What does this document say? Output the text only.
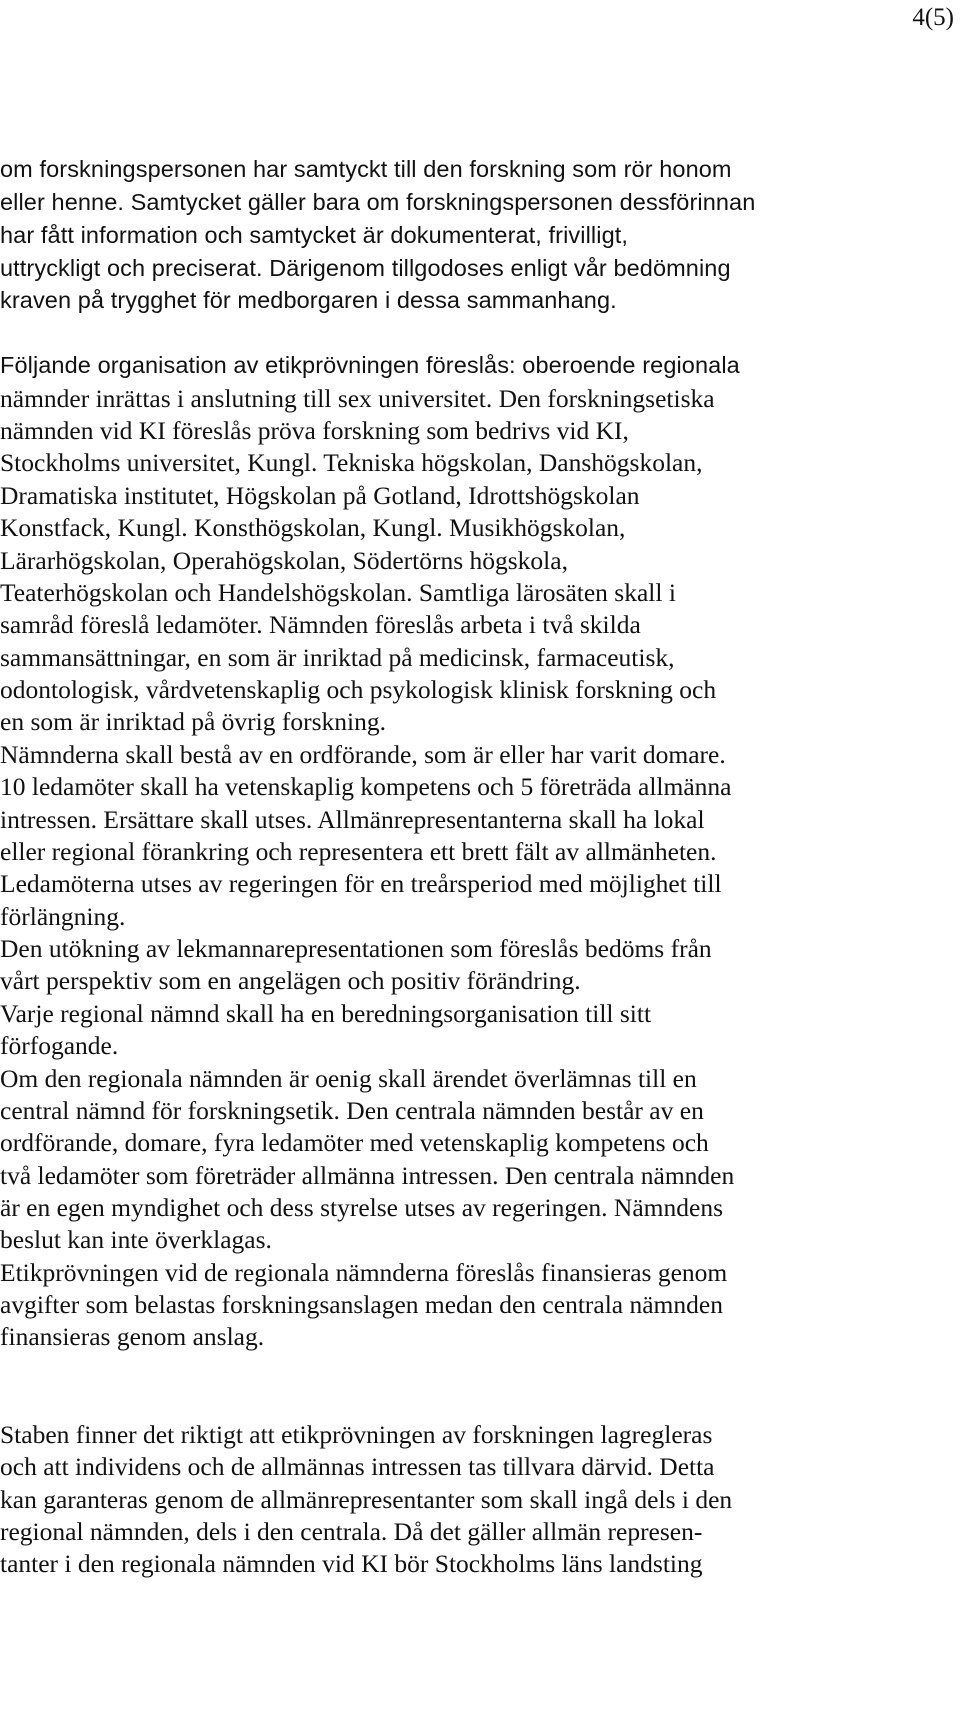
4(5)
om forskningspersonen har samtyckt till den forskning som rör honom
eller henne. Samtycket gäller bara om forskningspersonen dessförinnan
har fått information och samtycket är dokumenterat, frivilligt,
uttryckligt och preciserat. Därigenom tillgodoses enligt vår bedömning
kraven på trygghet för medborgaren i dessa sammanhang.
Följande organisation av etikprövningen föreslås: oberoende regionala
nämnder inrättas i anslutning till sex universitet. Den forskningsetiska
nämnden vid KI föreslås pröva forskning som bedrivs vid KI,
Stockholms universitet, Kungl. Tekniska högskolan, Danshögskolan,
Dramatiska institutet, Högskolan på Gotland, Idrottshögskolan
Konstfack, Kungl. Konsthögskolan, Kungl. Musikhögskolan,
Lärarhögskolan, Operahögskolan, Södertörns högskola,
Teaterhögskolan och Handelshögskolan. Samtliga lärosäten skall i
samråd föreslå ledamöter. Nämnden föreslås arbeta i två skilda
sammansättningar, en som är inriktad på medicinsk, farmaceutisk,
odontologisk, vårdvetenskaplig och psykologisk klinisk forskning och
en som är inriktad på övrig forskning.
Nämnderna skall bestå av en ordförande, som är eller har varit domare.
10 ledamöter skall ha vetenskaplig kompetens och 5 företräda allmänna
intressen. Ersättare skall utses. Allmänrepresentanterna skall ha lokal
eller regional förankring och representera ett brett fält av allmänheten.
Ledamöterna utses av regeringen för en treårsperiod med möjlighet till
förlängning.
Den utökning av lekmannarepresentationen som föreslås bedöms från
vårt perspektiv som en angelägen och positiv förändring.
Varje regional nämnd skall ha en beredningsorganisation till sitt
förfogande.
Om den regionala nämnden är oenig skall ärendet överlämnas till en
central nämnd för forskningsetik. Den centrala nämnden består av en
ordförande, domare, fyra ledamöter med vetenskaplig kompetens och
två ledamöter som företräder allmänna intressen. Den centrala nämnden
är en egen myndighet och dess styrelse utses av regeringen. Nämndens
beslut kan inte överklagas.
Etikprövningen vid de regionala nämnderna föreslås finansieras genom
avgifter som belastas forskningsanslagen medan den centrala nämnden
finansieras genom anslag.
Staben finner det riktigt att etikprövningen av forskningen lagregleras
och att individens och de allmännas intressen tas tillvara därvid. Detta
kan garanteras genom de allmänrepresentanter som skall ingå dels i den
regional nämnden, dels i den centrala. Då det gäller allmän represen-
tanter i den regionala nämnden vid KI bör Stockholms läns landsting
